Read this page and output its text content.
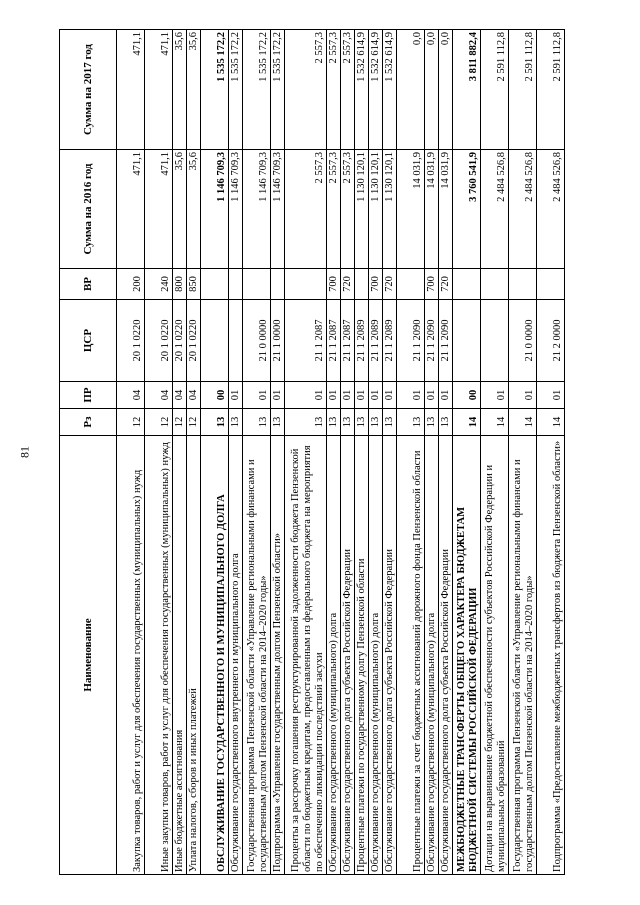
81
Наименование	Рз	ПР	ЦСР	ВР	Сумма на 2016 год	Сумма на 2017 год
Закупка товаров, работ и услуг для обеспечения государственных (муниципальных) нужд	12	04	20 1 0220	200	471,1	471,1
Иные закупки товаров, работ и услуг для обеспечения государственных (муниципальных) нужд	12	04	20 1 0220	240	471,1	471,1
Иные бюджетные ассигнования	12	04	20 1 0220	800	35,6	35,6
Уплата налогов, сборов и иных платежей	12	04	20 1 0220	850	35,6	35,6
ОБСЛУЖИВАНИЕ ГОСУДАРСТВЕННОГО И МУНИЦИПАЛЬНОГО ДОЛГА	13	00			1 146 709,3	1 535 172,2
Обслуживание государственного внутреннего и муниципального долга	13	01			1 146 709,3	1 535 172,2
Государственная программа Пензенской области «Управление региональными финансами и государственным долгом Пензенской области на 2014–2020 годы»	13	01	21 0 0000		1 146 709,3	1 535 172,2
Подпрограмма «Управление государственным долгом Пензенской области»	13	01	21 1 0000		1 146 709,3	1 535 172,2
Проценты за рассрочку погашения реструктурированной задолженности бюджета Пензенской области по бюджетным кредитам, предоставленным из федерального бюджета на мероприятия по обеспечению ликвидации последствий засухи	13	01	21 1 2087		2 557,3	2 557,3
Обслуживание государственного (муниципального) долга	13	01	21 1 2087	700	2 557,3	2 557,3
Обслуживание государственного долга субъекта Российской Федерации	13	01	21 1 2087	720	2 557,3	2 557,3
Процентные платежи по государственному долгу Пензенской области	13	01	21 1 2089		1 130 120,1	1 532 614,9
Обслуживание государственного (муниципального) долга	13	01	21 1 2089	700	1 130 120,1	1 532 614,9
Обслуживание государственного долга субъекта Российской Федерации	13	01	21 1 2089	720	1 130 120,1	1 532 614,9
Процентные платежи за счет бюджетных ассигнований дорожного фонда Пензенской области	13	01	21 1 2090		14 031,9	0,0
Обслуживание государственного (муниципального) долга	13	01	21 1 2090	700	14 031,9	0,0
Обслуживание государственного долга субъекта Российской Федерации	13	01	21 1 2090	720	14 031,9	0,0
МЕЖБЮДЖЕТНЫЕ ТРАНСФЕРТЫ ОБЩЕГО ХАРАКТЕРА БЮДЖЕТАМ БЮДЖЕТНОЙ СИСТЕМЫ РОССИЙСКОЙ ФЕДЕРАЦИИ	14	00			3 760 541,9	3 811 882,4
Дотации на выравнивание бюджетной обеспеченности субъектов Российской Федерации и муниципальных образований	14	01			2 484 526,8	2 591 112,8
Государственная программа Пензенской области «Управление региональными финансами и государственным долгом Пензенской области на 2014–2020 годы»	14	01	21 0 0000		2 484 526,8	2 591 112,8
Подпрограмма «Предоставление межбюджетных трансфертов из бюджета Пензенской области»	14	01	21 2 0000		2 484 526,8	2 591 112,8
